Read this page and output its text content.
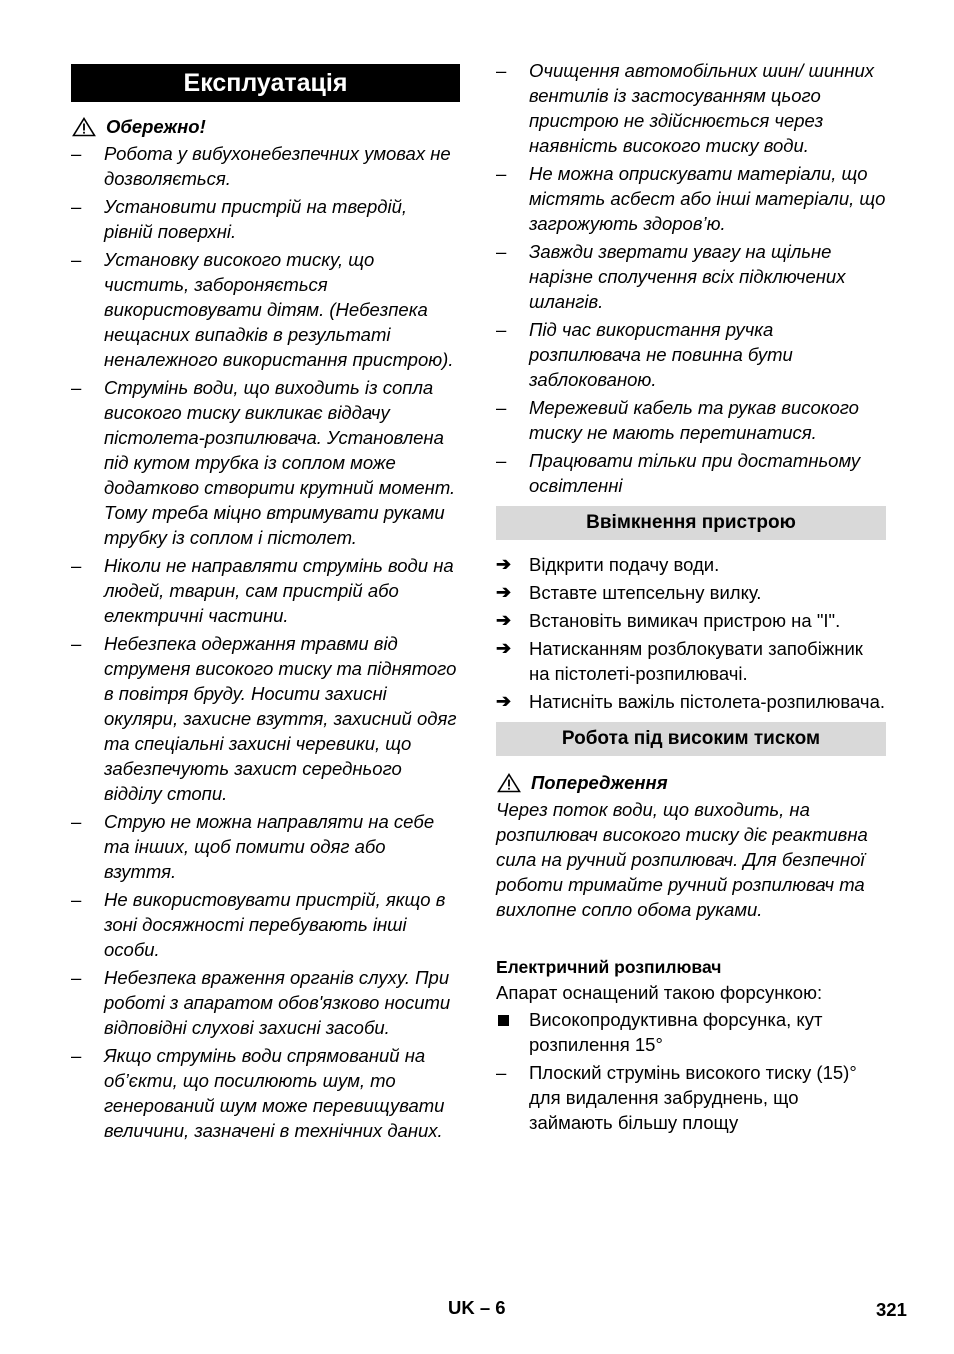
Експлуатація
Обережно!
–	Робота у вибухонебезпечних умовах не дозволяється.
–	Установити пристрій на твердій, рівній поверхні.
–	Установку високого тиску, що чистить, забороняється використовувати дітям. (Небезпека нещасних випадків в результаті неналежного використання пристрою).
–	Струмінь води, що виходить із сопла високого тиску викликає віддачу пістолета-розпилювача. Установлена під кутом трубка із соплом може додатково створити крутний момент. Тому треба міцно втримувати руками трубку із соплом і пістолет.
–	Ніколи не направляти струмінь води на людей, тварин, сам пристрій або електричні частини.
–	Небезпека одержання травми від струменя високого тиску та піднятого в повітря бруду. Носити захисні окуляри, захисне взуття, захисний одяг та спеціальні захисні черевики, що забезпечують захист середнього відділу стопи.
–	Струю не можна направляти на себе та інших, щоб помити одяг або взуття.
–	Не використовувати пристрій, якщо в зоні досяжності перебувають інші особи.
–	Небезпека враження органів слуху. При роботі з апаратом обов'язково носити відповідні слухові захисні засоби.
–	Якщо струмінь води спрямований на об’єкти, що посилюють шум, то генерований шум може перевищувати величини, зазначені в технічних даних.
–	Очищення автомобільних шин/ шинних вентилів із застосуванням цього пристрою не здійснюється через наявність високого тиску води.
–	Не можна оприскувати матеріали, що містять асбест або інші матеріали, що загрожують здоров’ю.
–	Завжди звертати увагу на щільне нарізне сполучення всіх підключених шлангів.
–	Під час використання ручка розпилювача не повинна бути заблокованою.
–	Мережевий кабель та рукав високого тиску не мають перетинатися.
–	Працювати тільки при достатньому освітленні
Ввімкнення пристрою
➔ Відкрити подачу води.
➔ Вставте штепсельну вилку.
➔ Встановіть вимикач пристрою на "I".
➔ Натисканням розблокувати запобіжник на пістолеті-розпилювачі.
➔ Натисніть важіль пістолета-розпилювача.
Робота під високим тиском
Попередження
Через поток води, що виходить, на розпилювач високого тиску діє реактивна сила на ручний розпилювач. Для безпечної роботи тримайте ручний розпилювач та вихлопне сопло обома руками.
Електричний розпилювач
Апарат оснащений такою форсункою:
Високопродуктивна форсунка, кут розпилення 15°
–	Плоский струмінь високого тиску (15)° для видалення забруднень, що займають більшу площу
UK – 6	321
